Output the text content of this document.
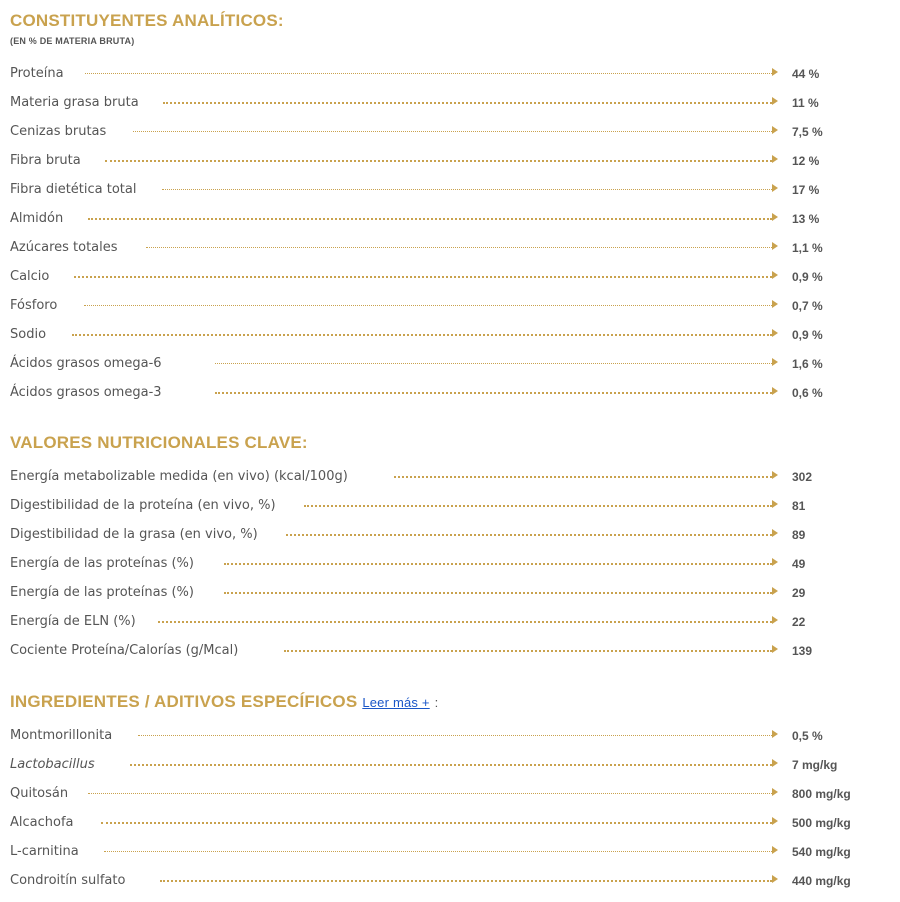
CONSTITUYENTES ANALÍTICOS:
(EN % DE MATERIA BRUTA)
Proteína	44 %
Materia grasa bruta	11 %
Cenizas brutas	7,5 %
Fibra bruta	12 %
Fibra dietética total	17 %
Almidón	13 %
Azúcares totales	1,1 %
Calcio	0,9 %
Fósforo	0,7 %
Sodio	0,9 %
Ácidos grasos omega-6	1,6 %
Ácidos grasos omega-3	0,6 %
VALORES NUTRICIONALES CLAVE:
Energía metabolizable medida (en vivo) (kcal/100g)	302
Digestibilidad de la proteína (en vivo, %)	81
Digestibilidad de la grasa (en vivo, %)	89
Energía de las proteínas (%)	49
Energía de las proteínas (%)	29
Energía de ELN (%)	22
Cociente Proteína/Calorías (g/Mcal)	139
INGREDIENTES / ADITIVOS ESPECÍFICOS Leer más + :
Montmorillonita	0,5 %
Lactobacillus	7 mg/kg
Quitosán	800 mg/kg
Alcachofa	500 mg/kg
L-carnitina	540 mg/kg
Condroitín sulfato	440 mg/kg
